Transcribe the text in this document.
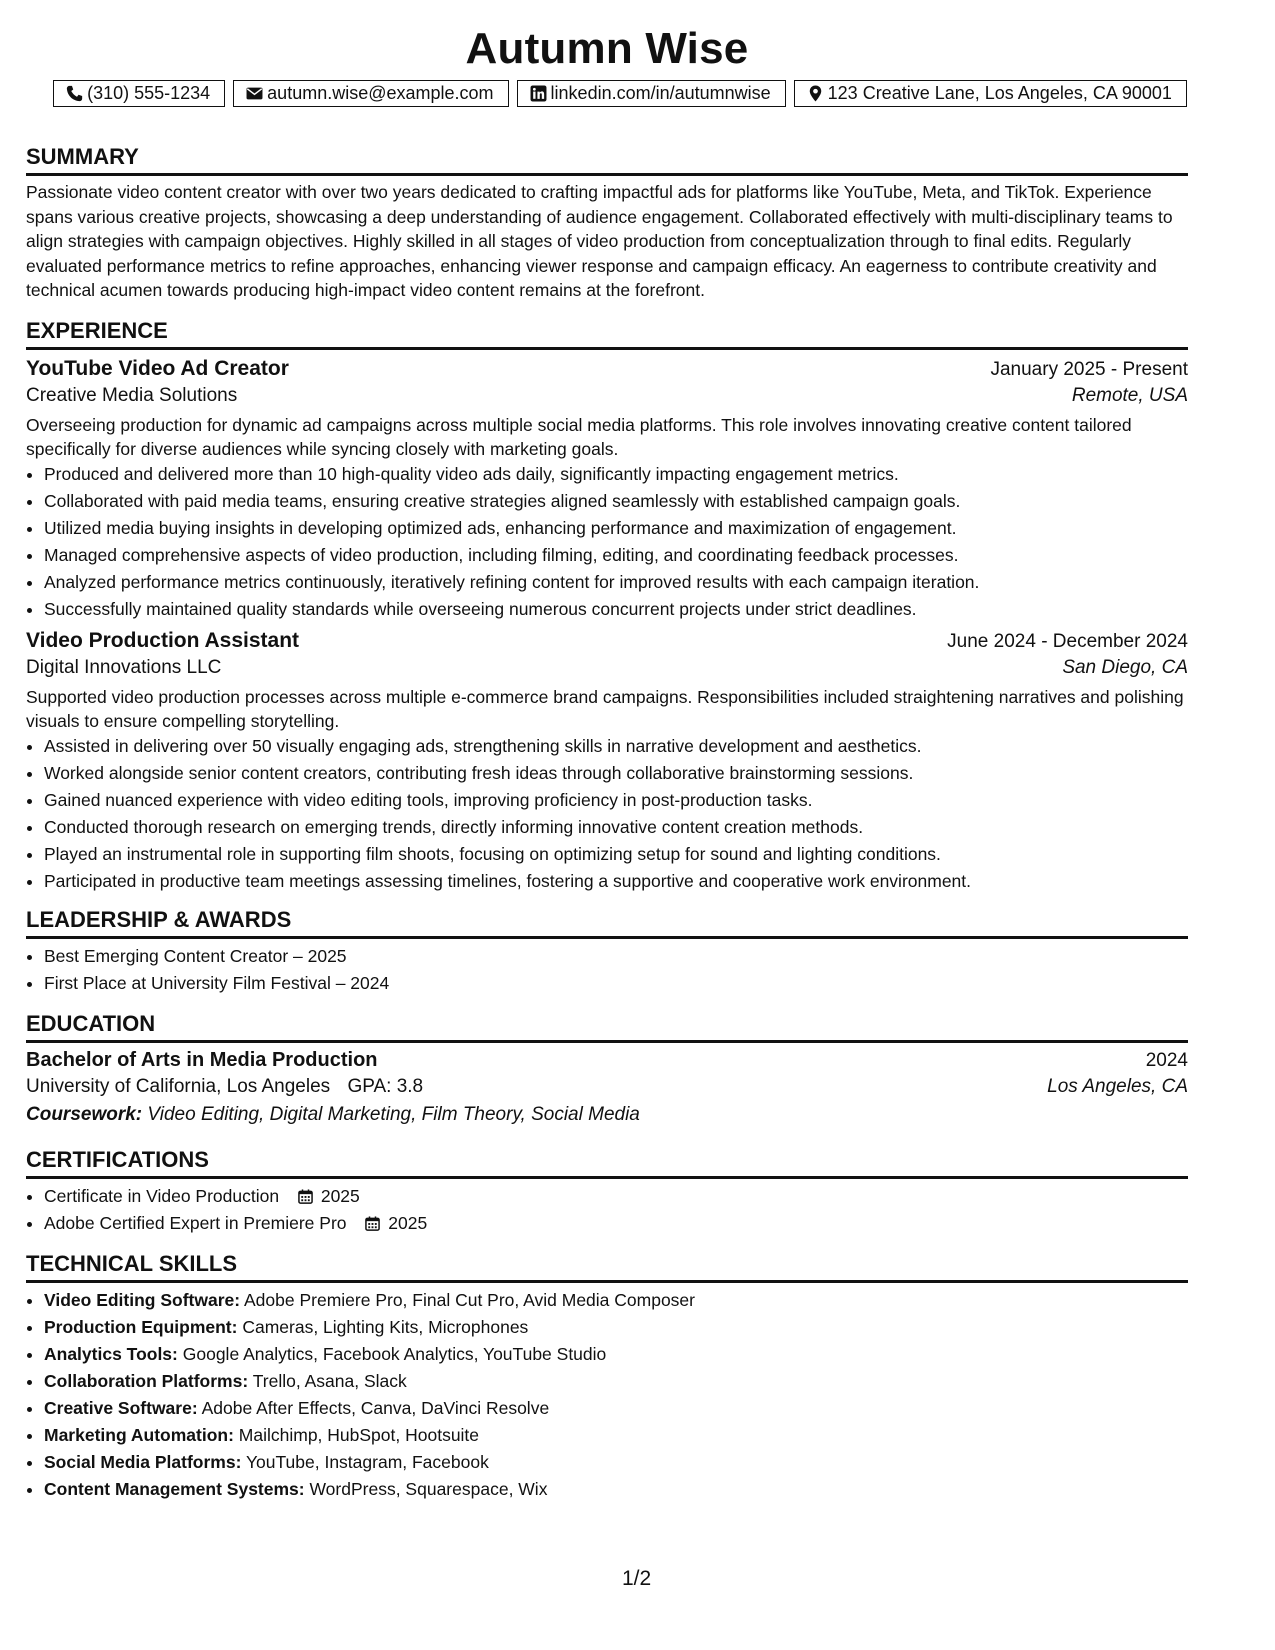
Autumn Wise
(310) 555-1234	autumn.wise@example.com	linkedin.com/in/autumnwise	123 Creative Lane, Los Angeles, CA 90001
SUMMARY

Passionate video content creator with over two years dedicated to crafting impactful ads for platforms like YouTube, Meta, and TikTok. Experience spans various creative projects, showcasing a deep understanding of audience engagement. Collaborated effectively with multi-disciplinary teams to align strategies with campaign objectives. Highly skilled in all stages of video production from conceptualization through to final edits. Regularly evaluated performance metrics to refine approaches, enhancing viewer response and campaign efficacy. An eagerness to contribute creativity and technical acumen towards producing high-impact video content remains at the forefront.

EXPERIENCE
YouTube Video Ad Creator	January 2025 - Present
Creative Media Solutions	Remote, USA

Overseeing production for dynamic ad campaigns across multiple social media platforms. This role involves innovating creative content tailored specifically for diverse audiences while syncing closely with marketing goals.

• Produced and delivered more than 10 high-quality video ads daily, significantly impacting engagement metrics.
• Collaborated with paid media teams, ensuring creative strategies aligned seamlessly with established campaign goals.
• Utilized media buying insights in developing optimized ads, enhancing performance and maximization of engagement.
• Managed comprehensive aspects of video production, including filming, editing, and coordinating feedback processes.
• Analyzed performance metrics continuously, iteratively refining content for improved results with each campaign iteration.
• Successfully maintained quality standards while overseeing numerous concurrent projects under strict deadlines.
Video Production Assistant	June 2024 - December 2024
Digital Innovations LLC	San Diego, CA

Supported video production processes across multiple e-commerce brand campaigns. Responsibilities included straightening narratives and polishing visuals to ensure compelling storytelling.

• Assisted in delivering over 50 visually engaging ads, strengthening skills in narrative development and aesthetics.
• Worked alongside senior content creators, contributing fresh ideas through collaborative brainstorming sessions.
• Gained nuanced experience with video editing tools, improving proficiency in post-production tasks.
• Conducted thorough research on emerging trends, directly informing innovative content creation methods.
• Played an instrumental role in supporting film shoots, focusing on optimizing setup for sound and lighting conditions.
• Participated in productive team meetings assessing timelines, fostering a supportive and cooperative work environment.
LEADERSHIP & AWARDS
• Best Emerging Content Creator – 2025
• First Place at University Film Festival – 2024
EDUCATION
Bachelor of Arts in Media Production	2024
University of California, Los Angeles GPA: 3.8	Los Angeles, CA
Coursework: Video Editing, Digital Marketing, Film Theory, Social Media
CERTIFICATIONS
• Certificate in Video Production 2025
• Adobe Certified Expert in Premiere Pro 2025
TECHNICAL SKILLS
• Video Editing Software: Adobe Premiere Pro, Final Cut Pro, Avid Media Composer
• Production Equipment: Cameras, Lighting Kits, Microphones
• Analytics Tools: Google Analytics, Facebook Analytics, YouTube Studio
• Collaboration Platforms: Trello, Asana, Slack
• Creative Software: Adobe After Effects, Canva, DaVinci Resolve
• Marketing Automation: Mailchimp, HubSpot, Hootsuite
• Social Media Platforms: YouTube, Instagram, Facebook
• Content Management Systems: WordPress, Squarespace, Wix
1/2
